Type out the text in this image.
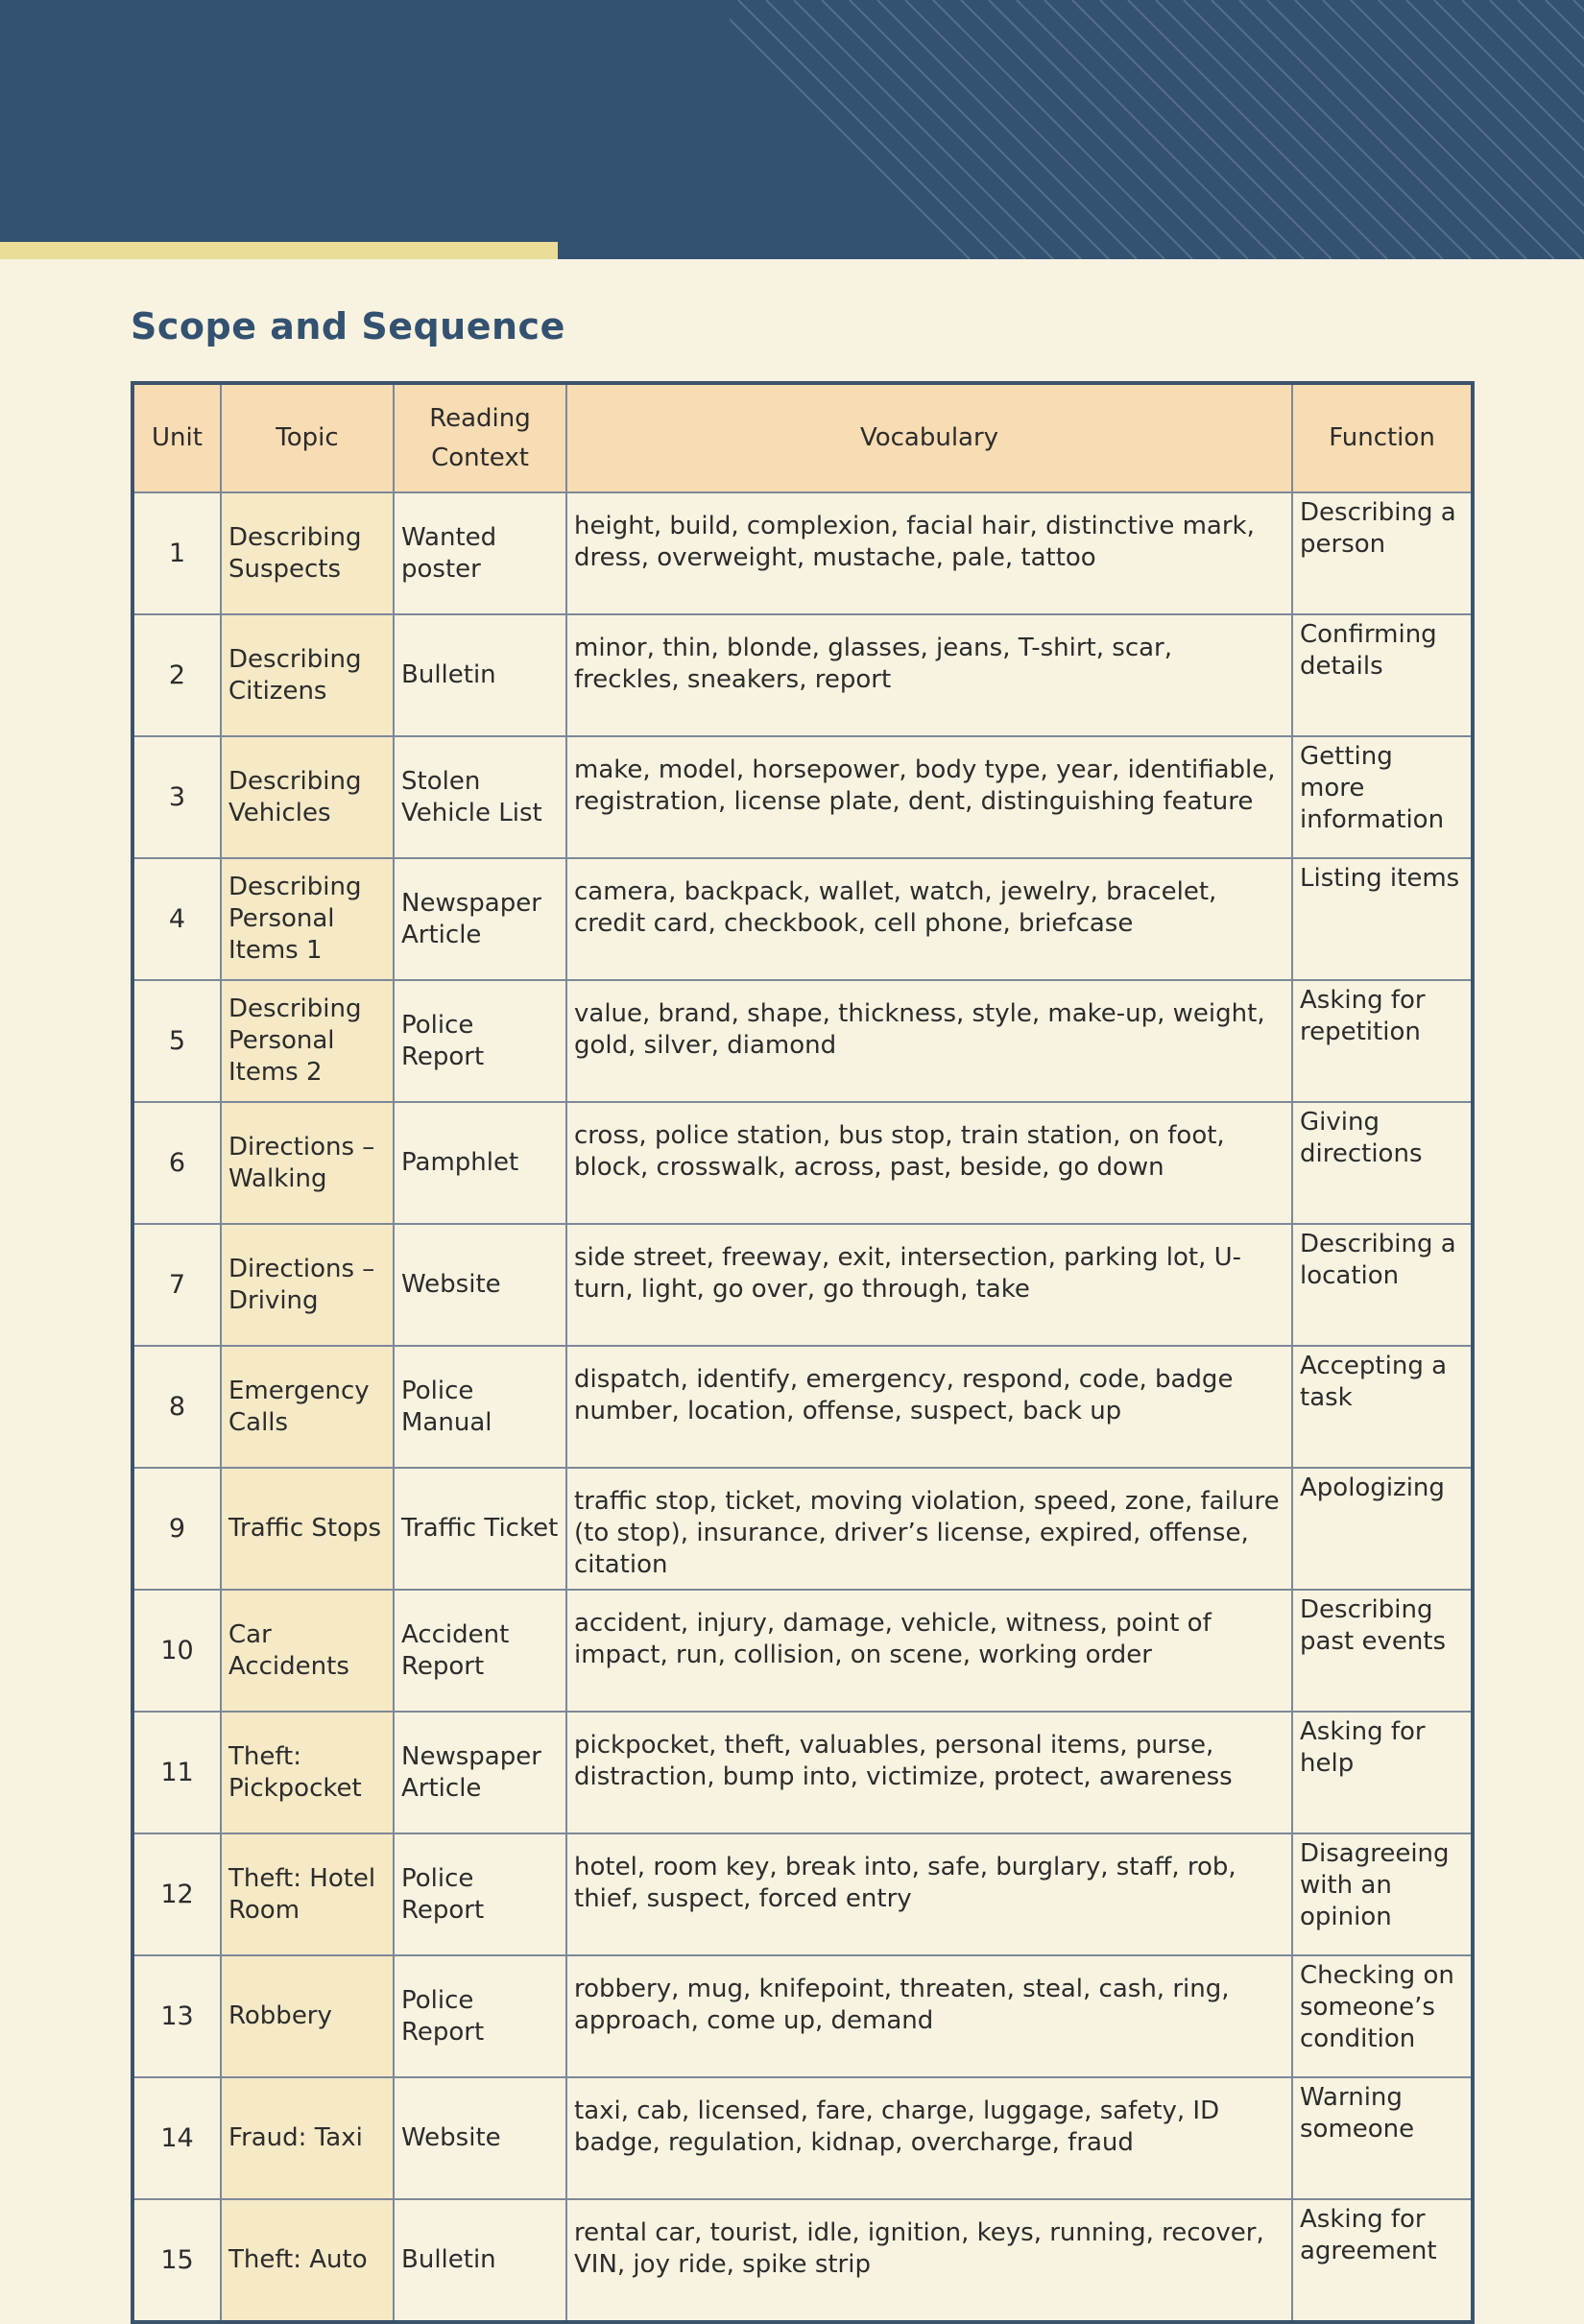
Scope and Sequence
Unit	Topic	Reading Context	Vocabulary	Function
1	Describing Suspects	Wanted poster	height, build, complexion, facial hair, distinctive mark, dress, overweight, mustache, pale, tattoo	Describing a person
2	Describing Citizens	Bulletin	minor, thin, blonde, glasses, jeans, T-shirt, scar, freckles, sneakers, report	Confirming details
3	Describing Vehicles	Stolen Vehicle List	make, model, horsepower, body type, year, identifiable, registration, license plate, dent, distinguishing feature	Getting more information
4	Describing Personal Items 1	Newspaper Article	camera, backpack, wallet, watch, jewelry, bracelet, credit card, checkbook, cell phone, briefcase	Listing items
5	Describing Personal Items 2	Police Report	value, brand, shape, thickness, style, make-up, weight, gold, silver, diamond	Asking for repetition
6	Directions – Walking	Pamphlet	cross, police station, bus stop, train station, on foot, block, crosswalk, across, past, beside, go down	Giving directions
7	Directions – Driving	Website	side street, freeway, exit, intersection, parking lot, U-turn, light, go over, go through, take	Describing a location
8	Emergency Calls	Police Manual	dispatch, identify, emergency, respond, code, badge number, location, offense, suspect, back up	Accepting a task
9	Traffic Stops	Traffic Ticket	traffic stop, ticket, moving violation, speed, zone, failure (to stop), insurance, driver’s license, expired, offense, citation	Apologizing
10	Car Accidents	Accident Report	accident, injury, damage, vehicle, witness, point of impact, run, collision, on scene, working order	Describing past events
11	Theft: Pickpocket	Newspaper Article	pickpocket, theft, valuables, personal items, purse, distraction, bump into, victimize, protect, awareness	Asking for help
12	Theft: Hotel Room	Police Report	hotel, room key, break into, safe, burglary, staff, rob, thief, suspect, forced entry	Disagreeing with an opinion
13	Robbery	Police Report	robbery, mug, knifepoint, threaten, steal, cash, ring, approach, come up, demand	Checking on someone’s condition
14	Fraud: Taxi	Website	taxi, cab, licensed, fare, charge, luggage, safety, ID badge, regulation, kidnap, overcharge, fraud	Warning someone
15	Theft: Auto	Bulletin	rental car, tourist, idle, ignition, keys, running, recover, VIN, joy ride, spike strip	Asking for agreement
